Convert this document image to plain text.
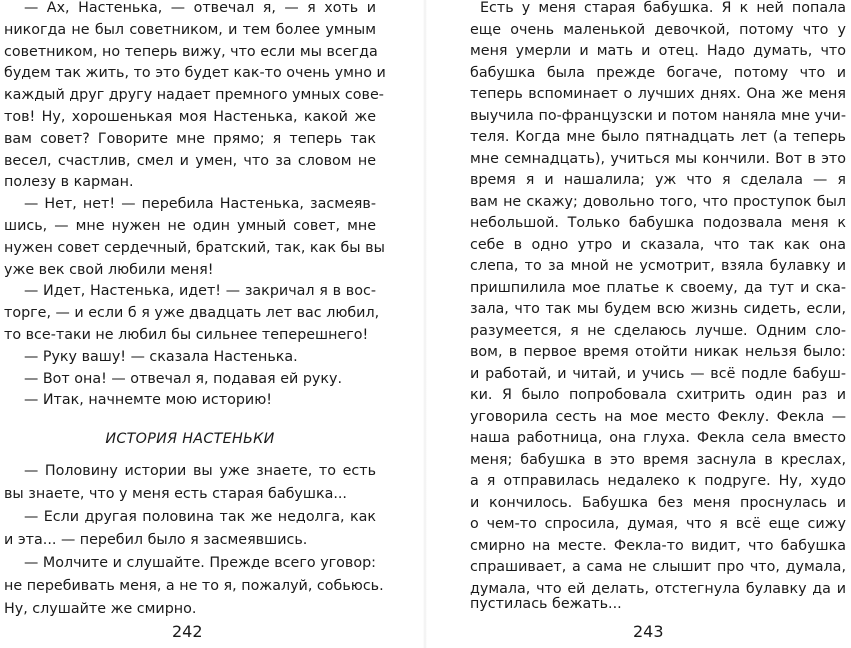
— Ах, Настенька, — отвечал я, — я хоть и
никогда не был советником, и тем более умным
советником, но теперь вижу, что если мы всегда
будем так жить, то это будет как-то очень умно и
каждый друг другу надает премного умных сове-
тов! Ну, хорошенькая моя Настенька, какой же
вам совет? Говорите мне прямо; я теперь так
весел, счастлив, смел и умен, что за словом не
полезу в карман.
— Нет, нет! — перебила Настенька, засмеяв-
шись, — мне нужен не один умный совет, мне
нужен совет сердечный, братский, так, как бы вы
уже век свой любили меня!
— Идет, Настенька, идет! — закричал я в вос-
торге, — и если б я уже двадцать лет вас любил,
то все-таки не любил бы сильнее теперешнего!
— Руку вашу! — сказала Настенька.
— Вот она! — отвечал я, подавая ей руку.
— Итак, начнемте мою историю!
ИСТОРИЯ НАСТЕНЬКИ
— Половину истории вы уже знаете, то есть
вы знаете, что у меня есть старая бабушка...
— Если другая половина так же недолга, как
и эта... — перебил было я засмеявшись.
— Молчите и слушайте. Прежде всего уговор:
242
не перебивать меня, а не то я, пожалуй, собьюсь.
Ну, слушайте же смирно.
Есть у меня старая бабушка. Я к ней попала
еще очень маленькой девочкой, потому что у
меня умерли и мать и отец. Надо думать, что
бабушка была прежде богаче, потому что и
теперь вспоминает о лучших днях. Она же меня
выучила по-французски и потом наняла мне учи-
теля. Когда мне было пятнадцать лет (а теперь
мне семнадцать), учиться мы кончили. Вот в это
время я и нашалила; уж что я сделала — я
вам не скажу; довольно того, что проступок был
небольшой. Только бабушка подозвала меня к
себе в одно утро и сказала, что так как она
слепа, то за мной не усмотрит, взяла булавку и
пришпилила мое платье к своему, да тут и ска-
зала, что так мы будем всю жизнь сидеть, если,
разумеется, я не сделаюсь лучше. Одним сло-
вом, в первое время отойти никак нельзя было:
и работай, и читай, и учись — всё подле бабуш-
ки. Я было попробовала схитрить один раз и
уговорила сесть на мое место Феклу. Фекла —
наша работница, она глуха. Фекла села вместо
меня; бабушка в это время заснула в креслах,
а я отправилась недалеко к подруге. Ну, худо
и кончилось. Бабушка без меня проснулась и
о чем-то спросила, думая, что я всё еще сижу
смирно на месте. Фекла-то видит, что бабушка
спрашивает, а сама не слышит про что, думала,
думала, что ей делать, отстегнула булавку да и
243
пустилась бежать...
